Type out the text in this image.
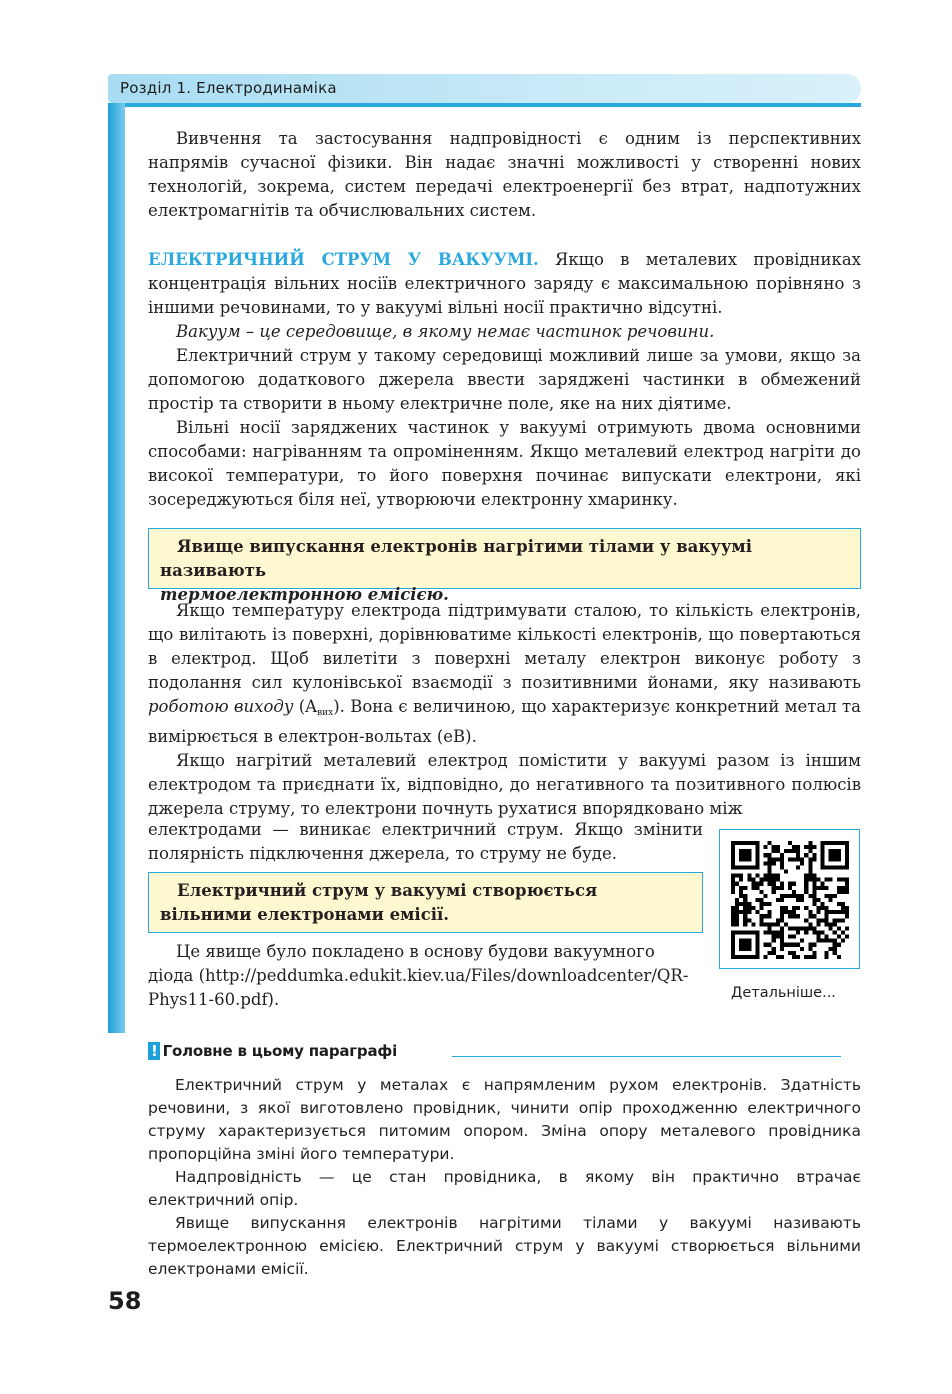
Розділ 1. Електродинаміка

Вивчення та застосування надпровідності є одним із перспективних напрямів сучасної фізики. Він надає значні можливості у створенні нових технологій, зокрема, систем передачі електроенергії без втрат, надпотужних електромагнітів та обчислювальних систем.

ЕЛЕКТРИЧНИЙ СТРУМ У ВАКУУМІ. Якщо в металевих провідниках концентрація вільних носіїв електричного заряду є максимальною порівняно з іншими речовинами, то у вакуумі вільні носії практично відсутні.

Вакуум – це середовище, в якому немає частинок речовини.

Електричний струм у такому середовищі можливий лише за умови, якщо за допомогою додаткового джерела ввести заряджені частинки в обмежений простір та створити в ньому електричне поле, яке на них діятиме.

Вільні носії заряджених частинок у вакуумі отримують двома основними способами: нагріванням та опроміненням. Якщо металевий електрод нагріти до високої температури, то його поверхня починає випускати електрони, які зосереджуються біля неї, утворюючи електронну хмаринку.

Явище випускання електронів нагрітими тілами у вакуумі називають
термоелектронною емісією.

Якщо температуру електрода підтримувати сталою, то кількість електронів, що вилітають із поверхні, дорівнюватиме кількості електронів, що повертаються в електрод. Щоб вилетіти з поверхні металу електрон виконує роботу з подолання сил кулонівської взаємодії з позитивними йонами, яку називають роботою виходу $(A_{вих})$. Вона є величиною, що характеризує конкретний метал та вимірюється в електрон-вольтах (еВ).

Якщо нагрітий металевий електрод помістити у вакуумі разом із іншим електродом та приєднати їх, відповідно, до негативного та позитивного полюсів джерела струму, то електрони почнуть рухатися впорядковано між

електродами — виникає електричний струм. Якщо змінити полярність підключення джерела, то струму не буде.

Електричний струм у вакуумі створюється вільними електронами емісії.

Це явище було покладено в основу будови вакуумного діода (http://peddumka.edukit.kiev.ua/Files/downloadcenter/QR-Phys11-60.pdf).	Детальніше...
! Головне в цьому параграфі

Електричний струм у металах є напрямленим рухом електронів. Здатність речовини, з якої виготовлено провідник, чинити опір проходженню електричного струму характеризується питомим опором. Зміна опору металевого провідника пропорційна зміні його температури.

Надпровідність — це стан провідника, в якому він практично втрачає електричний опір.

Явище випускання електронів нагрітими тілами у вакуумі називають термоелектронною емісією. Електричний струм у вакуумі створюється вільними електронами емісії.

58
